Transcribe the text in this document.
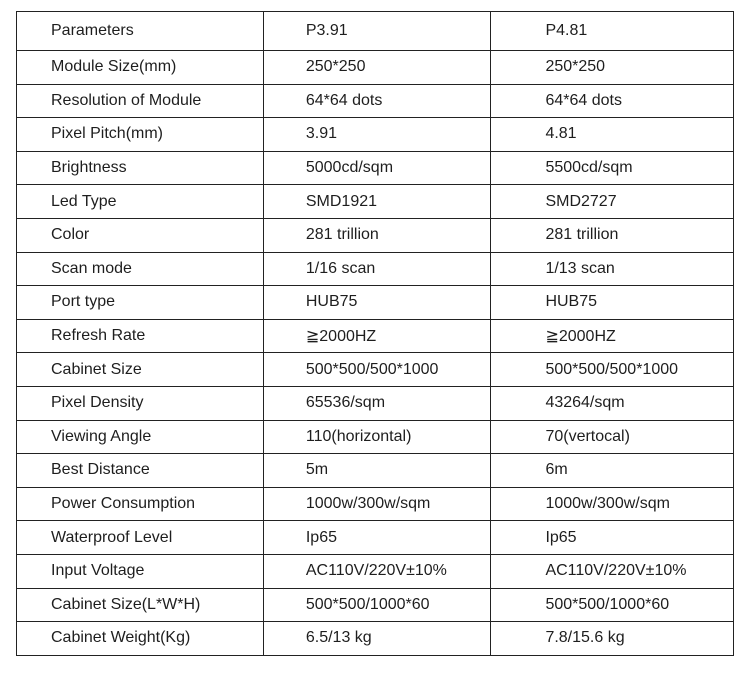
Parameters	P3.91	P4.81
Module Size(mm)	250*250	250*250
Resolution of Module	64*64 dots	64*64 dots
Pixel Pitch(mm)	3.91	4.81
Brightness	5000cd/sqm	5500cd/sqm
Led Type	SMD1921	SMD2727
Color	281 trillion	281 trillion
Scan mode	1/16 scan	1/13 scan
Port type	HUB75	HUB75
Refresh Rate	≧2000HZ	≧2000HZ
Cabinet Size	500*500/500*1000	500*500/500*1000
Pixel Density	65536/sqm	43264/sqm
Viewing Angle	110(horizontal)	70(vertocal)
Best Distance	5m	6m
Power Consumption	1000w/300w/sqm	1000w/300w/sqm
Waterproof Level	Ip65	Ip65
Input Voltage	AC110V/220V±10%	AC110V/220V±10%
Cabinet Size(L*W*H)	500*500/1000*60	500*500/1000*60
Cabinet Weight(Kg)	6.5/13 kg	7.8/15.6 kg
